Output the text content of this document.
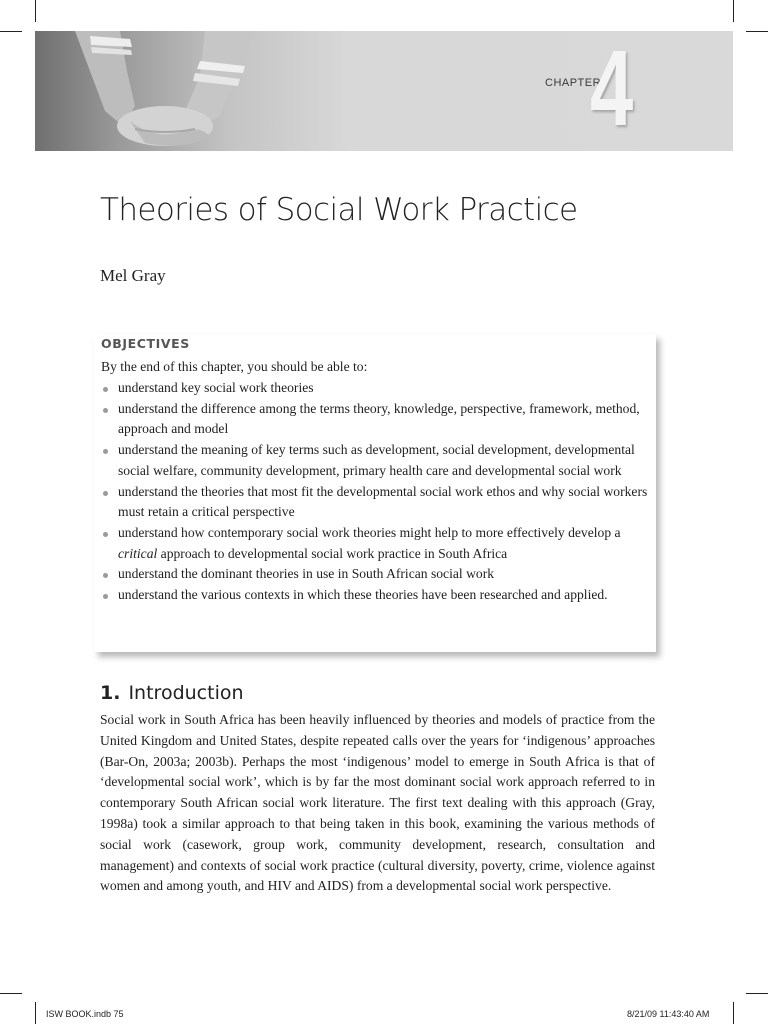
CHAPTER
4
Theories of Social Work Practice
Mel Gray
OBJECTIVES
By the end of this chapter, you should be able to:
understand key social work theories
understand the difference among the terms theory, knowledge, perspective, framework, method, approach and model
understand the meaning of key terms such as development, social development, developmental social welfare, community development, primary health care and developmental social work
understand the theories that most fit the developmental social work ethos and why social workers must retain a critical perspective
understand how contemporary social work theories might help to more effectively develop a critical approach to developmental social work practice in South Africa
understand the dominant theories in use in South African social work
understand the various contexts in which these theories have been researched and applied.
1. Introduction

Social work in South Africa has been heavily influenced by theories and models of practice from the United Kingdom and United States, despite repeated calls over the years for ‘indigenous’ approaches (Bar-On, 2003a; 2003b). Perhaps the most ‘indigenous’ model to emerge in South Africa is that of ‘developmental social work’, which is by far the most dominant social work approach referred to in contemporary South African social work literature. The first text dealing with this approach (Gray, 1998a) took a similar approach to that being taken in this book, examining the various methods of social work (casework, group work, community development, research, consultation and management) and contexts of social work practice (cultural diversity, poverty, crime, violence against women and among youth, and HIV and AIDS) from a developmental social work perspective.

ISW BOOK.indb 75	8/21/09 11:43:40 AM
